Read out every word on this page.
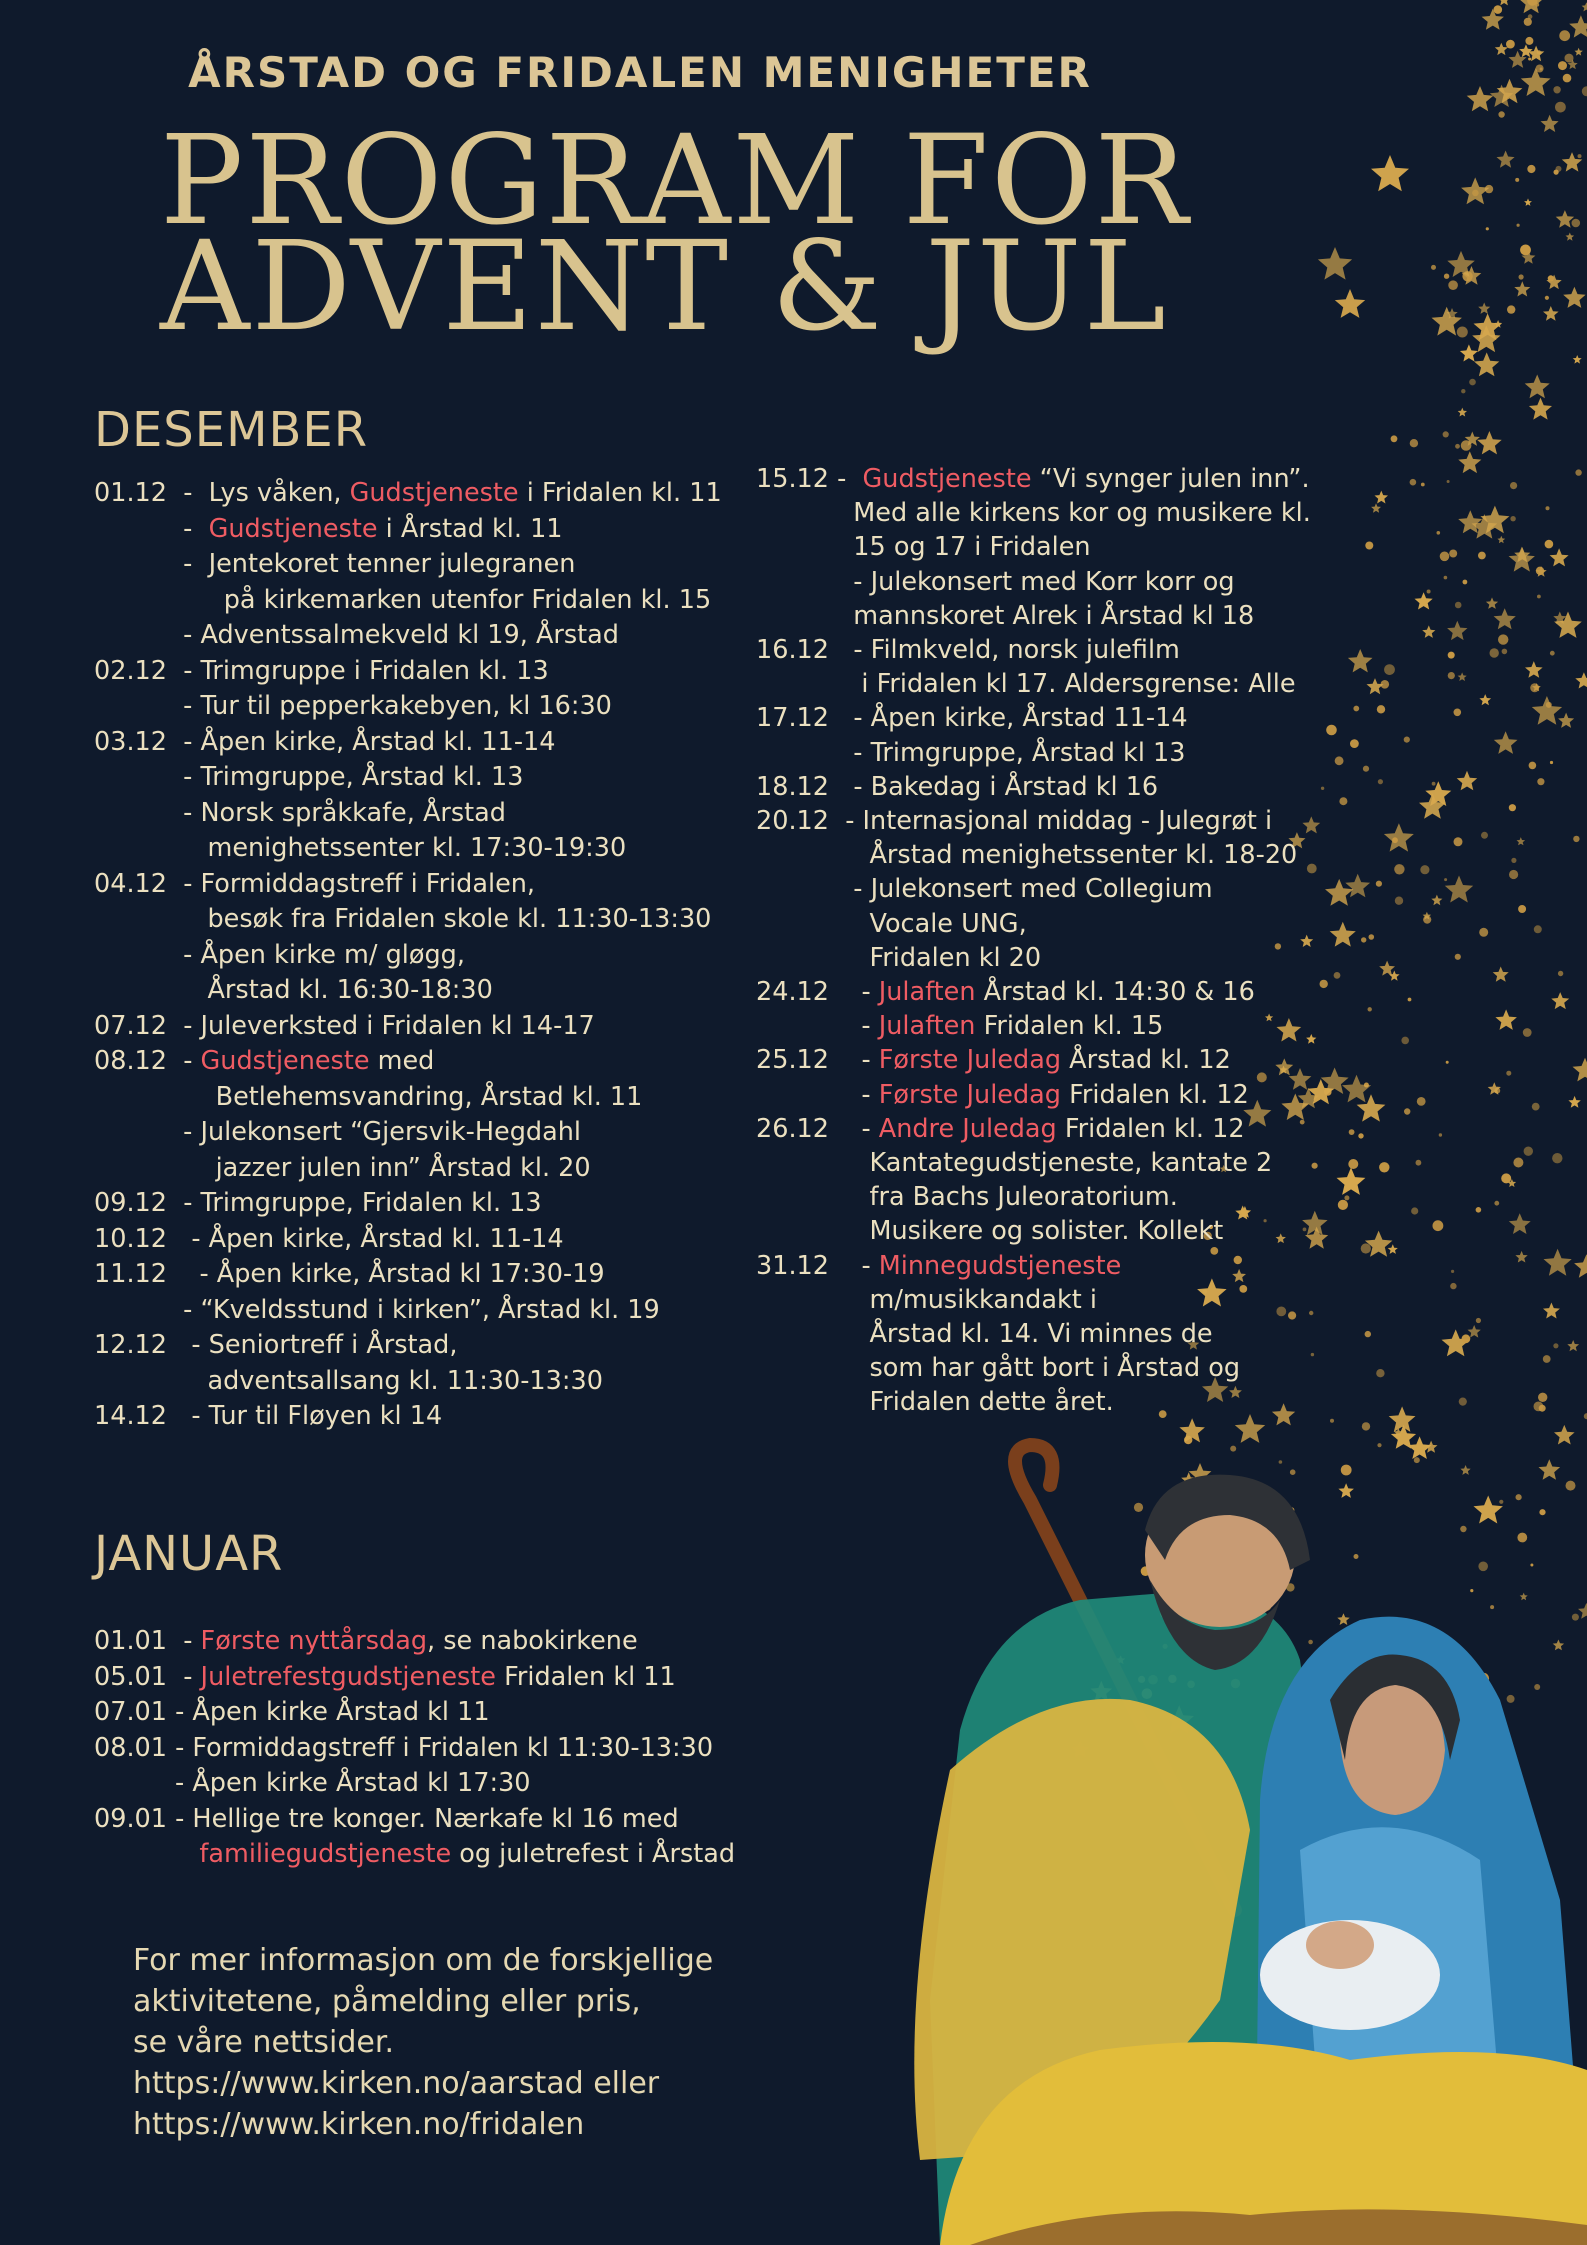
ÅRSTAD OG FRIDALEN MENIGHETER
PROGRAM FOR

ADVENT & JUL
DESEMBER
01.12 -  Lys våken, Gudstjeneste i Fridalen kl. 11
-  Gudstjeneste i Årstad kl. 11
-  Jentekoret tenner julegranen
på kirkemarken utenfor Fridalen kl. 15
- Adventssalmekveld kl 19, Årstad
02.12 - Trimgruppe i Fridalen kl. 13
- Tur til pepperkakebyen, kl 16:30
03.12 - Åpen kirke, Årstad kl. 11-14
- Trimgruppe, Årstad kl. 13
- Norsk språkkafe, Årstad
menighetssenter kl. 17:30-19:30
04.12 - Formiddagstreff i Fridalen,
besøk fra Fridalen skole kl. 11:30-13:30
- Åpen kirke m/ gløgg,
Årstad kl. 16:30-18:30
07.12 - Juleverksted i Fridalen kl 14-17
08.12 - Gudstjeneste med
Betlehemsvandring, Årstad kl. 11
- Julekonsert “Gjersvik-Hegdahl
jazzer julen inn” Årstad kl. 20
09.12 - Trimgruppe, Fridalen kl. 13
10.12 - Åpen kirke, Årstad kl. 11-14
11.12 - Åpen kirke, Årstad kl 17:30-19
- “Kveldsstund i kirken”, Årstad kl. 19
12.12 - Seniortreff i Årstad,
adventsallsang kl. 11:30-13:30
14.12 - Tur til Fløyen kl 14
15.12 -  Gudstjeneste “Vi synger julen inn”.
Med alle kirkens kor og musikere kl.
15 og 17 i Fridalen
- Julekonsert med Korr korr og
mannskoret Alrek i Årstad kl 18
16.12 - Filmkveld, norsk julefilm
i Fridalen kl 17. Aldersgrense: Alle
17.12 - Åpen kirke, Årstad 11-14
- Trimgruppe, Årstad kl 13
18.12 - Bakedag i Årstad kl 16
20.12 - Internasjonal middag - Julegrøt i
Årstad menighetssenter kl. 18-20
- Julekonsert med Collegium
Vocale UNG,
Fridalen kl 20
24.12 - Julaften Årstad kl. 14:30 & 16
- Julaften Fridalen kl. 15
25.12 - Første Juledag Årstad kl. 12
- Første Juledag Fridalen kl. 12
26.12 - Andre Juledag Fridalen kl. 12
Kantategudstjeneste, kantate 2
fra Bachs Juleoratorium.
Musikere og solister. Kollekt
31.12 - Minnegudstjeneste
m/musikkandakt i
Årstad kl. 14. Vi minnes de
som har gått bort i Årstad og
Fridalen dette året.
JANUAR
01.01 - Første nyttårsdag, se nabokirkene
05.01 - Juletrefestgudstjeneste Fridalen kl 11
07.01 - Åpen kirke Årstad kl 11
08.01 - Formiddagstreff i Fridalen kl 11:30-13:30
- Åpen kirke Årstad kl 17:30
09.01 - Hellige tre konger. Nærkafe kl 16 med
familiegudstjeneste og juletrefest i Årstad
For mer informasjon om de forskjellige
aktivitetene, påmelding eller pris,
se våre nettsider.
https://www.kirken.no/aarstad eller
https://www.kirken.no/fridalen
